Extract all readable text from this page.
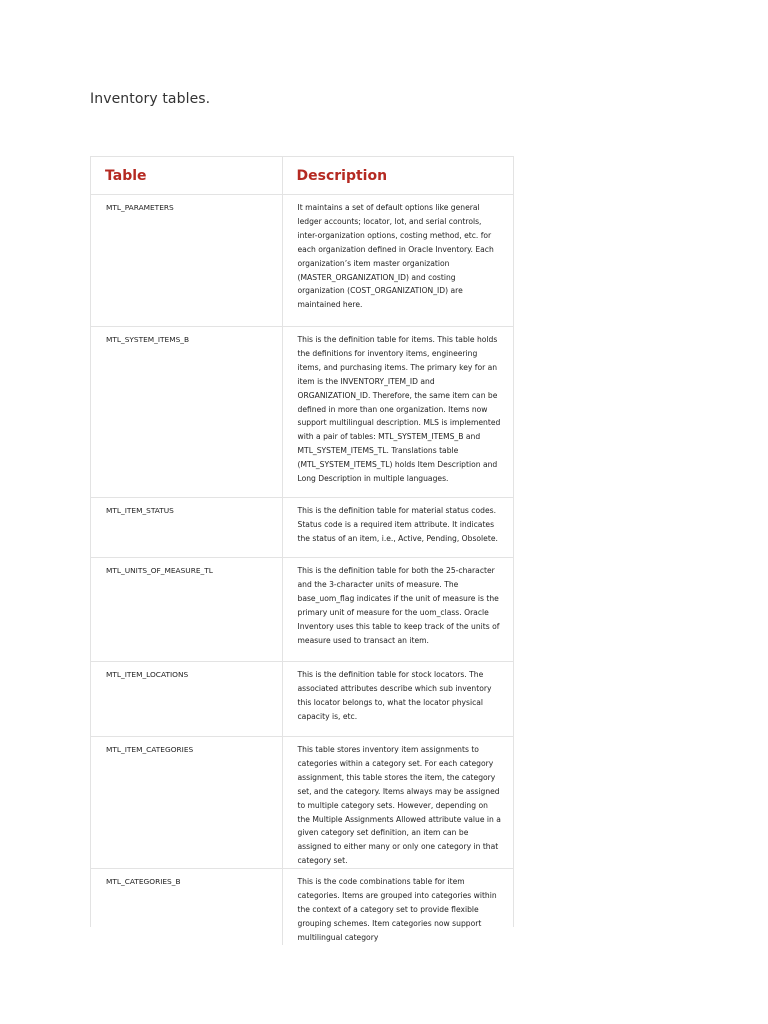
Inventory tables.
Table	Description
MTL_PARAMETERS	It maintains a set of default options like general ledger accounts; locator, lot, and serial controls, inter-organization options, costing method, etc. for each organization defined in Oracle Inventory. Each organization’s item master organization (MASTER_ORGANIZATION_ID) and costing organization (COST_ORGANIZATION_ID) are maintained here.
MTL_SYSTEM_ITEMS_B	This is the definition table for items. This table holds the definitions for inventory items, engineering items, and purchasing items. The primary key for an item is the INVENTORY_ITEM_ID and ORGANIZATION_ID. Therefore, the same item can be defined in more than one organization. Items now support multilingual description. MLS is implemented with a pair of tables: MTL_SYSTEM_ITEMS_B and MTL_SYSTEM_ITEMS_TL. Translations table (MTL_SYSTEM_ITEMS_TL) holds Item Description and Long Description in multiple languages.
MTL_ITEM_STATUS	This is the definition table for material status codes. Status code is a required item attribute. It indicates the status of an item, i.e., Active, Pending, Obsolete.
MTL_UNITS_OF_MEASURE_TL	This is the definition table for both the 25-character and the 3-character units of measure. The base_uom_flag indicates if the unit of measure is the primary unit of measure for the uom_class. Oracle Inventory uses this table to keep track of the units of measure used to transact an item.
MTL_ITEM_LOCATIONS	This is the definition table for stock locators. The associated attributes describe which sub inventory this locator belongs to, what the locator physical capacity is, etc.
MTL_ITEM_CATEGORIES	This table stores inventory item assignments to categories within a category set. For each category assignment, this table stores the item, the category set, and the category. Items always may be assigned to multiple category sets. However, depending on the Multiple Assignments Allowed attribute value in a given category set definition, an item can be assigned to either many or only one category in that category set.
MTL_CATEGORIES_B	This is the code combinations table for item categories. Items are grouped into categories within the context of a category set to provide flexible grouping schemes. Item categories now support multilingual category
